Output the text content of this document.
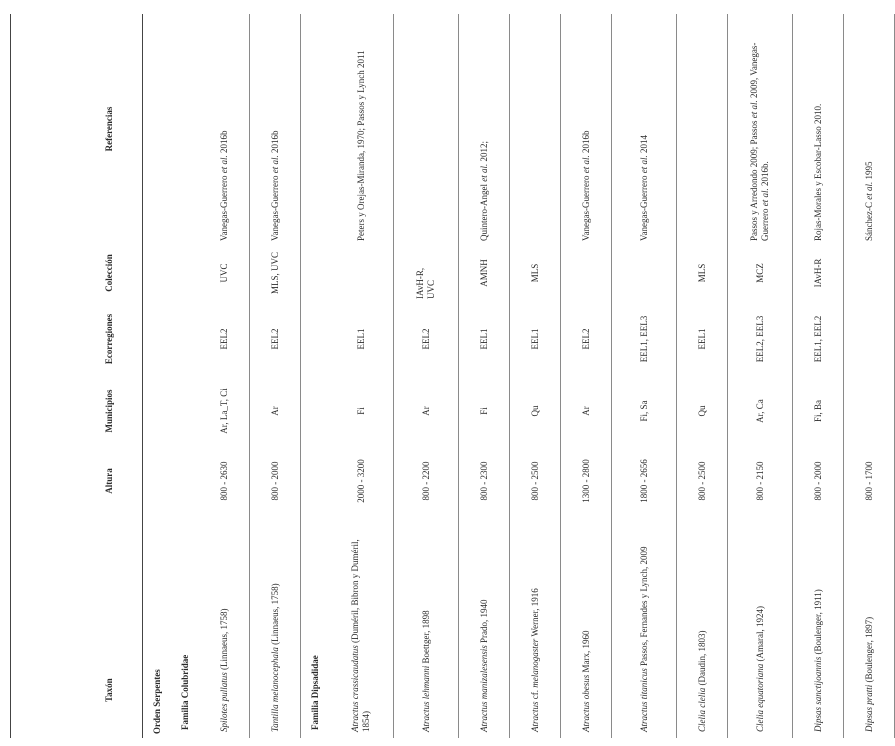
Taxón	Altura	Municipios	Ecorregiones	Colección	Referencias
Orden Serpentes					
Familia Colubridae					
Spilotes pullatus (Linnaeus, 1758)	800 - 2630	Ar, La_T, Ci	EEL2	UVC	Vanegas-Guerrero et al. 2016b
Tantilla melanocephala (Linnaeus, 1758)	800 - 2000	Ar	EEL2	MLS, UVC	Vanegas-Guerrero et al. 2016b
Familia Dipsadidae					
Atractus crassicaudatus (Duméril, Bibron y Duméril, 1854)	2000 - 3200	Fi	EEL1		Peters y Orejas-Miranda, 1970; Passos y Lynch 2011
Atractus lehmanni Boettger, 1898	800 - 2200	Ar	EEL2	IAvH-R, UVC	
Atractus manizalesensis Prado, 1940	800 - 2300	Fi	EEL1	AMNH	Quintero-Angel et al. 2012;
Atractus cf. melanogaster Werner, 1916	800 - 2500	Qu	EEL1	MLS	
Atractus obesus Marx, 1960	1300 - 2800	Ar	EEL2		Vanegas-Guerrero et al. 2016b
Atractus titanicus Passos, Fernandes y Lynch, 2009	1800 - 2656	Fi, Sa	EEL1, EEL3		Vanegas-Guerrero et al. 2014
Clelia clelia (Daudin, 1803)	800 - 2500	Qu	EEL1	MLS	
Clelia equatoriana (Amaral, 1924)	800 - 2150	Ar, Ca	EEL2, EEL3	MCZ	Passos y Arredondo 2009; Passos et al. 2009, Vanegas-Guerrero et al. 2016b.
Dipsas sanctijoannis (Boulenger, 1911)	800 - 2000	Fi, Ba	EEL1, EEL2	IAvH-R	Rojas-Morales y Escobar-Lasso 2010.
Dipsas pratti (Boulenger, 1897)	800 - 1700				Sánchez-C et al. 1995
